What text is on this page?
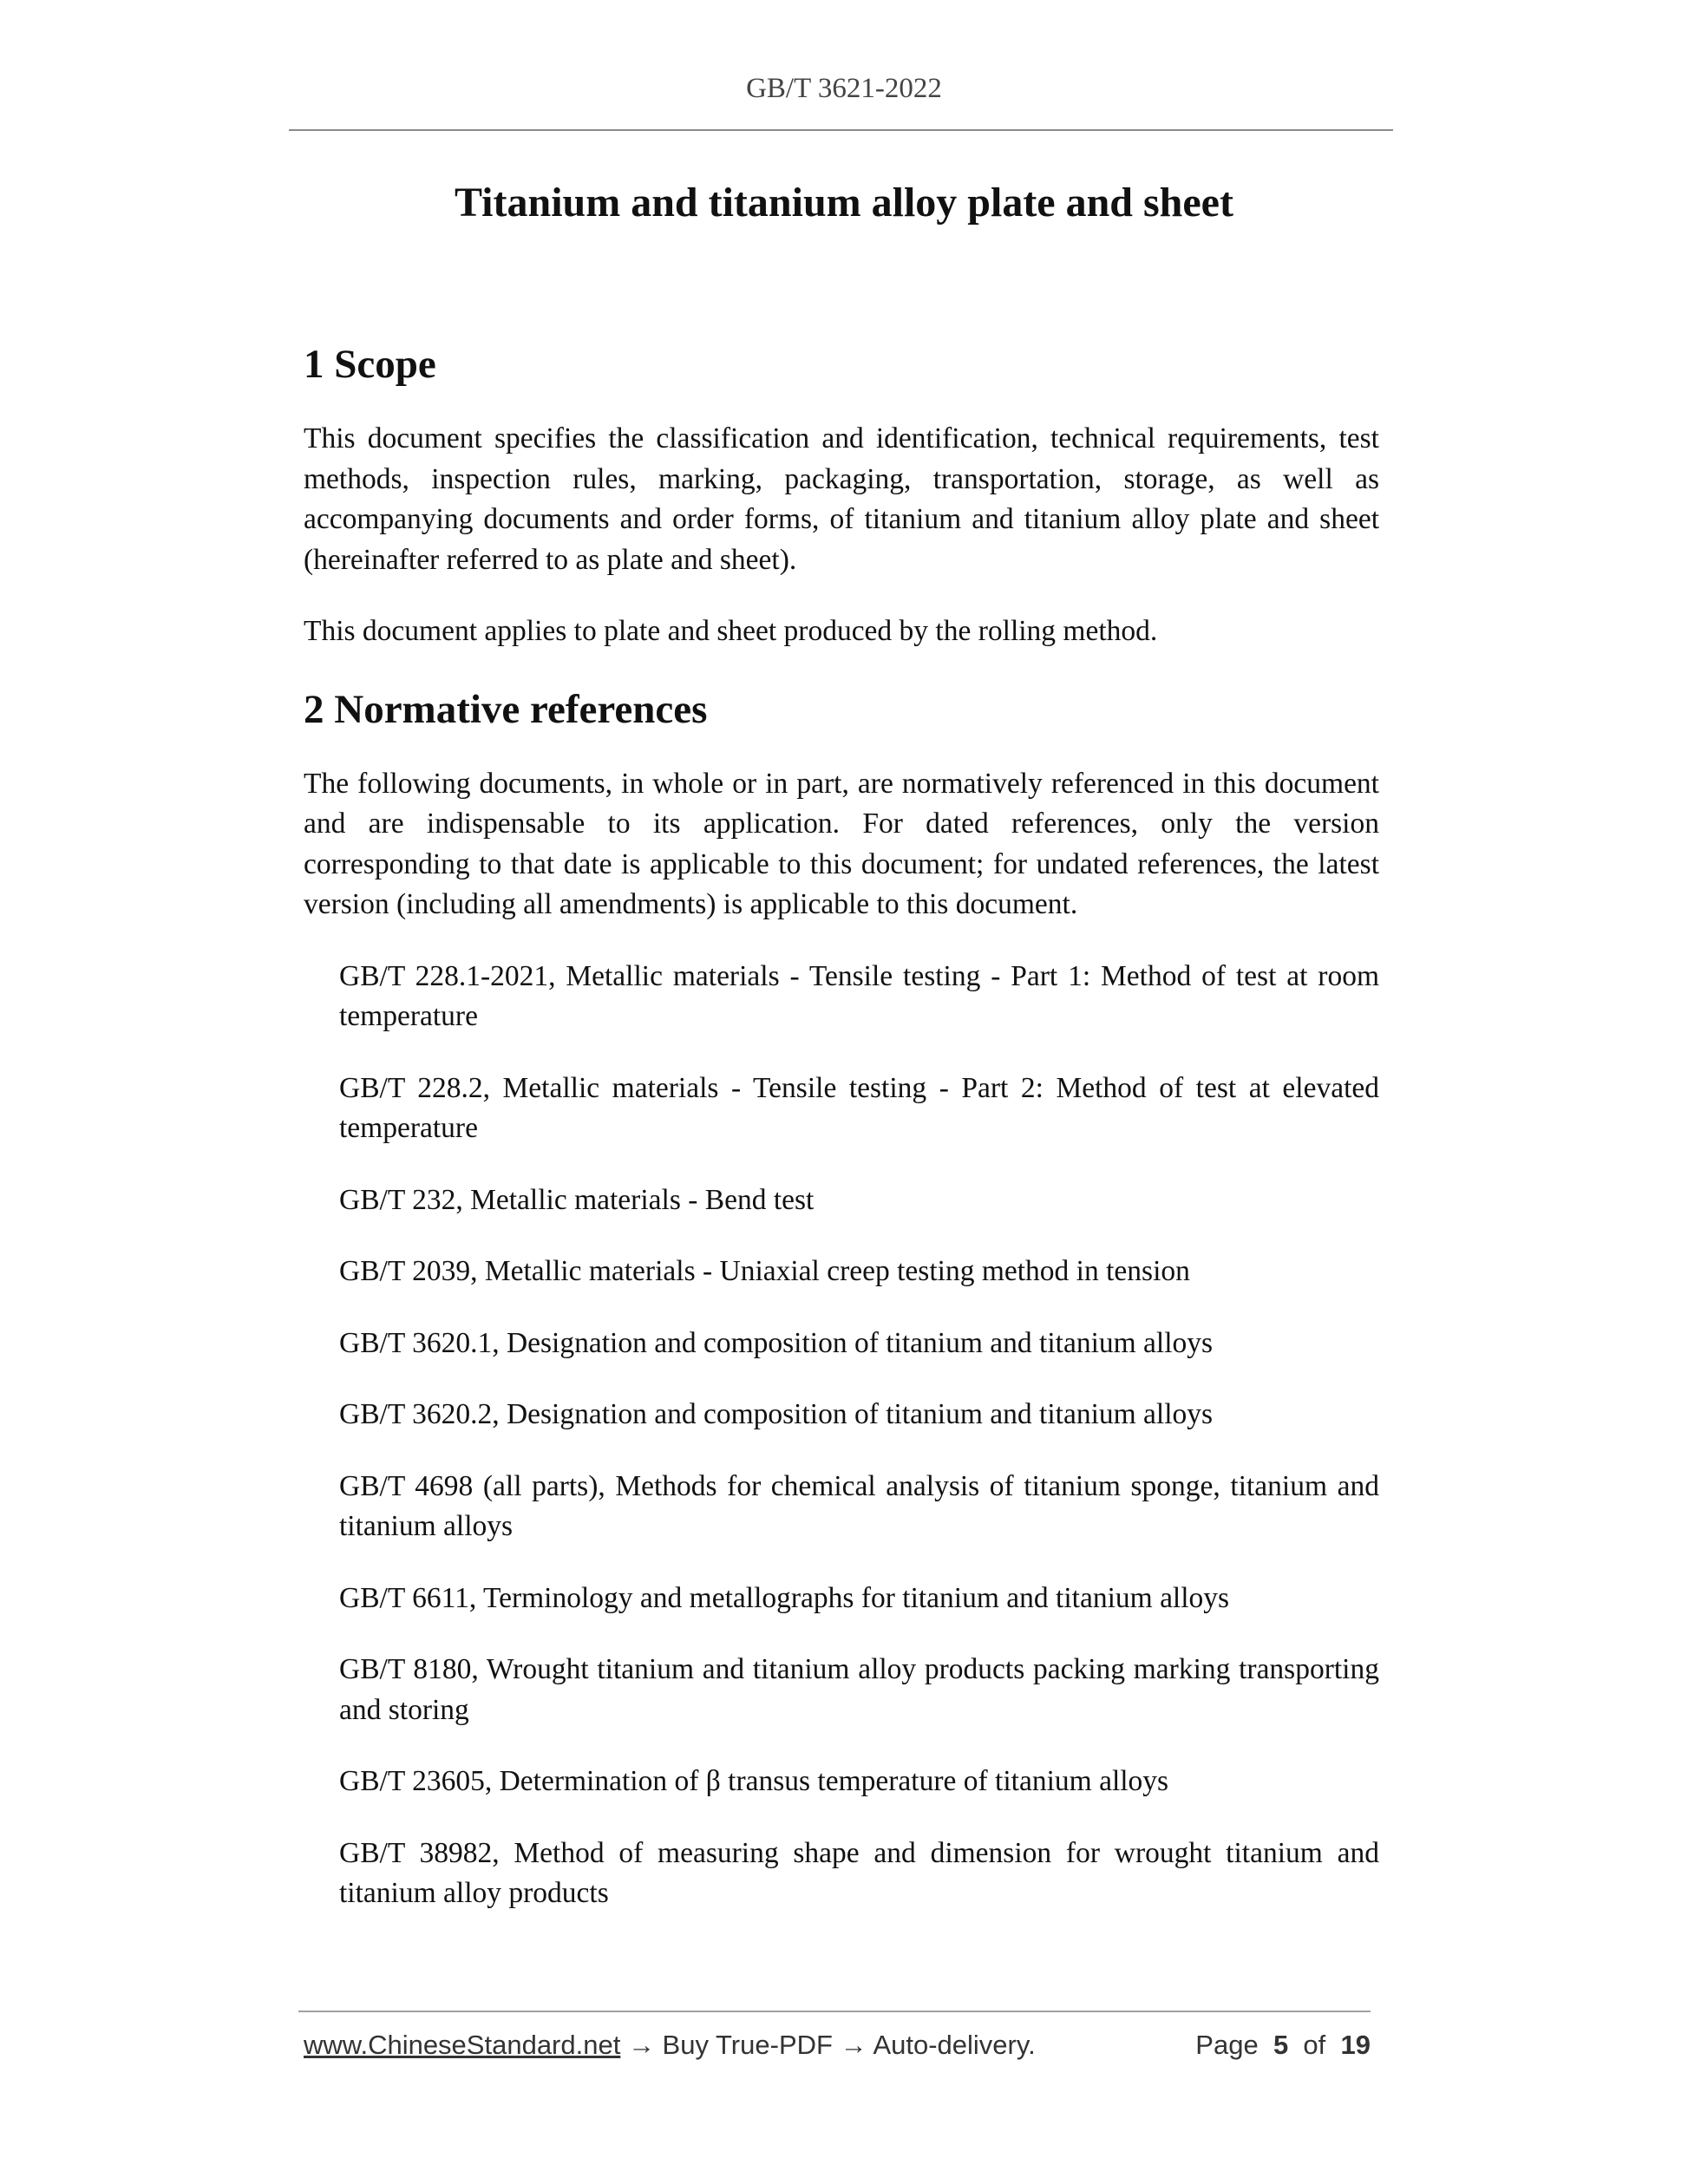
GB/T 3621-2022
Titanium and titanium alloy plate and sheet
1 Scope

This document specifies the classification and identification, technical requirements, test methods, inspection rules, marking, packaging, transportation, storage, as well as accompanying documents and order forms, of titanium and titanium alloy plate and sheet (hereinafter referred to as plate and sheet).

This document applies to plate and sheet produced by the rolling method.

2 Normative references

The following documents, in whole or in part, are normatively referenced in this document and are indispensable to its application. For dated references, only the version corresponding to that date is applicable to this document; for undated references, the latest version (including all amendments) is applicable to this document.

GB/T 228.1-2021, Metallic materials - Tensile testing - Part 1: Method of test at room temperature

GB/T 228.2, Metallic materials - Tensile testing - Part 2: Method of test at elevated temperature

GB/T 232, Metallic materials - Bend test

GB/T 2039, Metallic materials - Uniaxial creep testing method in tension

GB/T 3620.1, Designation and composition of titanium and titanium alloys

GB/T 3620.2, Designation and composition of titanium and titanium alloys

GB/T 4698 (all parts), Methods for chemical analysis of titanium sponge, titanium and titanium alloys

GB/T 6611, Terminology and metallographs for titanium and titanium alloys

GB/T 8180, Wrought titanium and titanium alloy products packing marking transporting and storing

GB/T 23605, Determination of β transus temperature of titanium alloys

GB/T 38982, Method of measuring shape and dimension for wrought titanium and titanium alloy products

www.ChineseStandard.net → Buy True-PDF → Auto-delivery.	Page 5 of 19
